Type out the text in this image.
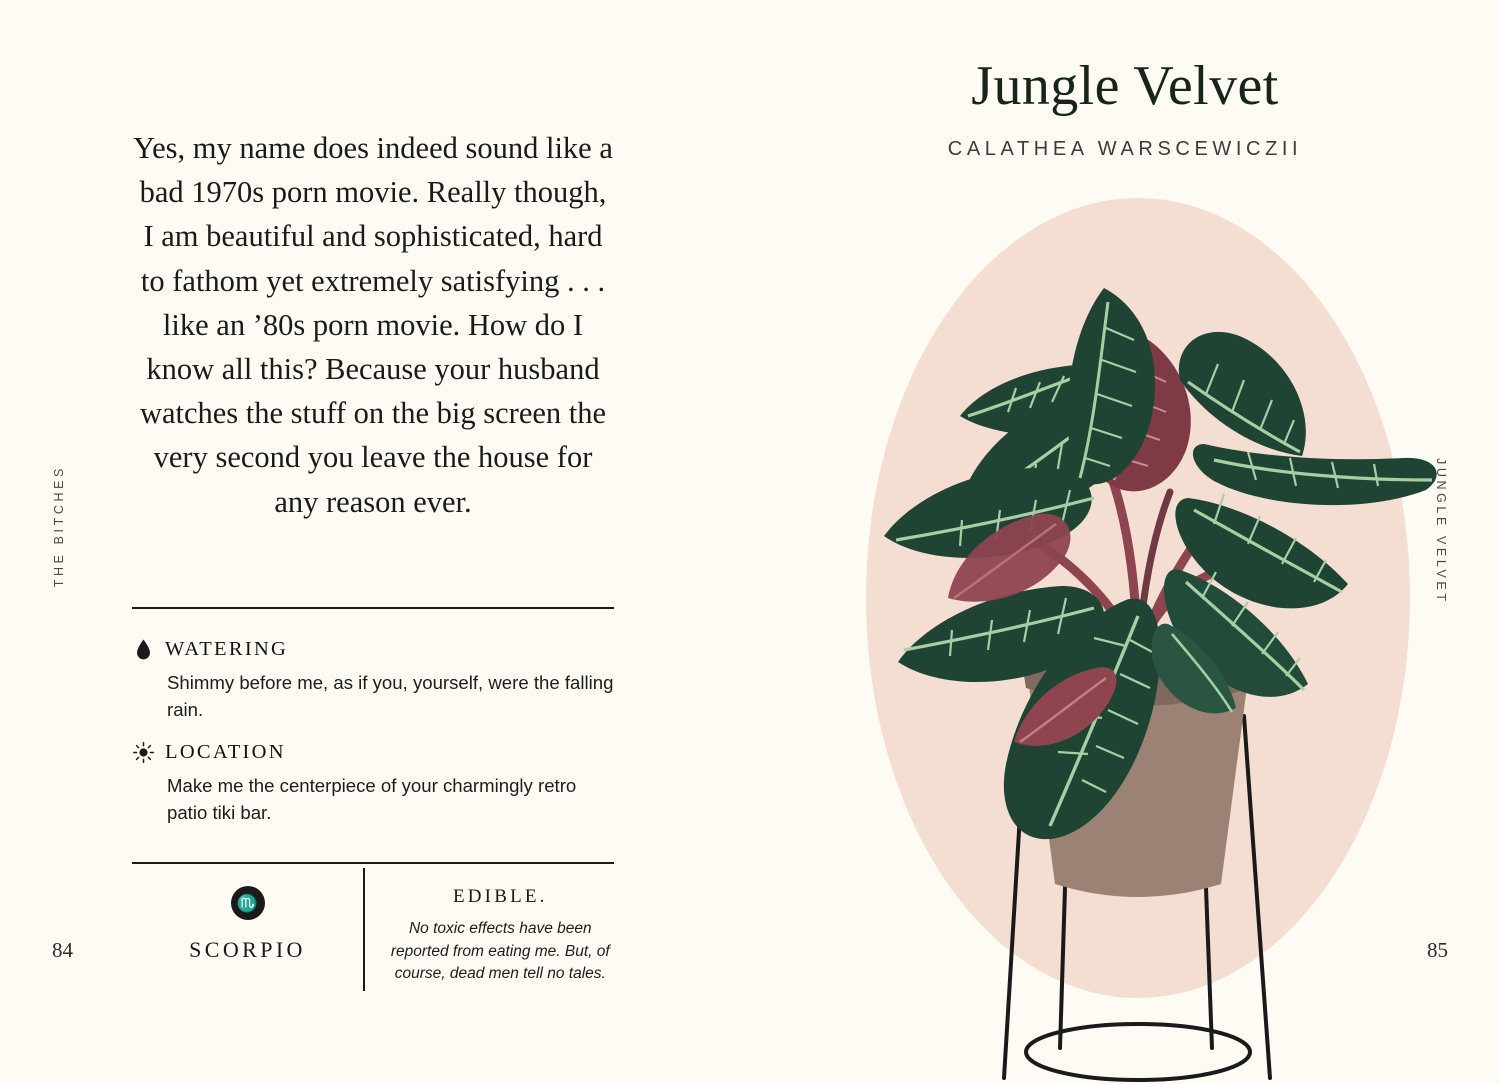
THE BITCHES
84
Yes, my name does indeed sound like a bad 1970s porn movie. Really though, I am beautiful and sophisticated, hard to fathom yet extremely satisfying . . . like an ’80s porn movie. How do I know all this? Because your husband watches the stuff on the big screen the very second you leave the house for any reason ever.
WATERING
Shimmy before me, as if you, yourself, were the falling rain.
LOCATION
Make me the centerpiece of your charmingly retro patio tiki bar.
♏
SCORPIO
EDIBLE.
No toxic effects have been reported from eating me. But, of course, dead men tell no tales.
Jungle Velvet
CALATHEA WARSCEWICZII
JUNGLE VELVET
85
